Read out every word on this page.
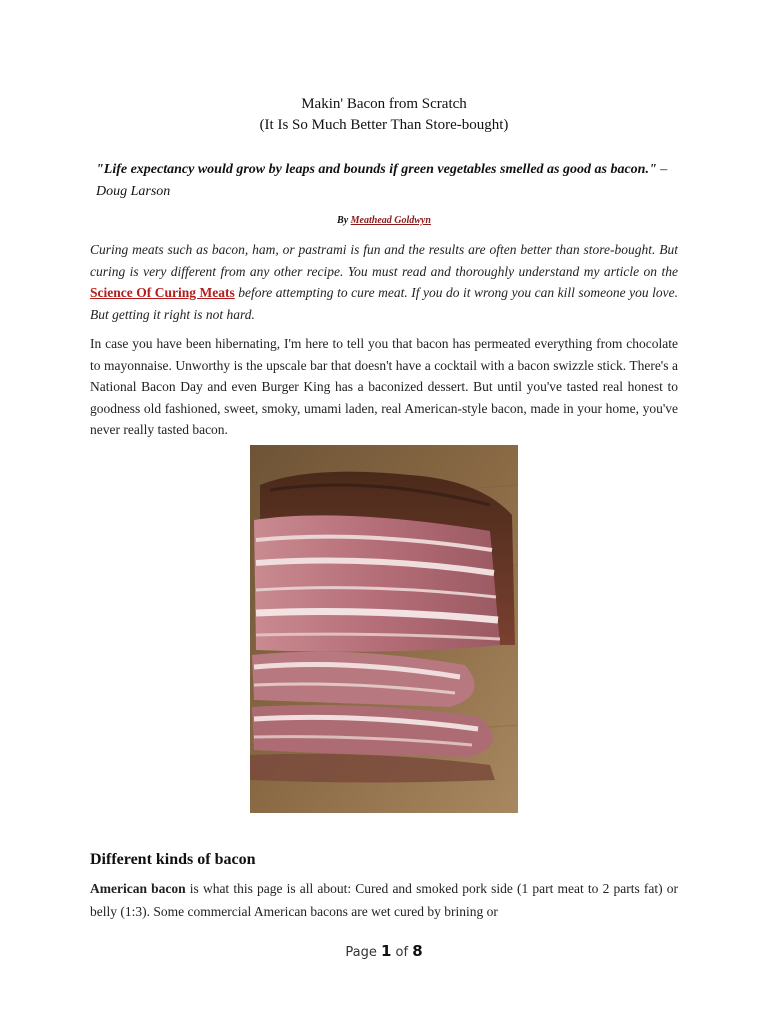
Makin' Bacon from Scratch
(It Is So Much Better Than Store-bought)
"Life expectancy would grow by leaps and bounds if green vegetables smelled as good as bacon." –Doug Larson
By Meathead Goldwyn
Curing meats such as bacon, ham, or pastrami is fun and the results are often better than store-bought. But curing is very different from any other recipe. You must read and thoroughly understand my article on the Science Of Curing Meats before attempting to cure meat. If you do it wrong you can kill someone you love. But getting it right is not hard.
In case you have been hibernating, I'm here to tell you that bacon has permeated everything from chocolate to mayonnaise. Unworthy is the upscale bar that doesn't have a cocktail with a bacon swizzle stick. There's a National Bacon Day and even Burger King has a baconized dessert. But until you've tasted real honest to goodness old fashioned, sweet, smoky, umami laden, real American-style bacon, made in your home, you've never really tasted bacon.
Different kinds of bacon
American bacon is what this page is all about: Cured and smoked pork side (1 part meat to 2 parts fat) or belly (1:3). Some commercial American bacons are wet cured by brining or
Page 1 of 8
